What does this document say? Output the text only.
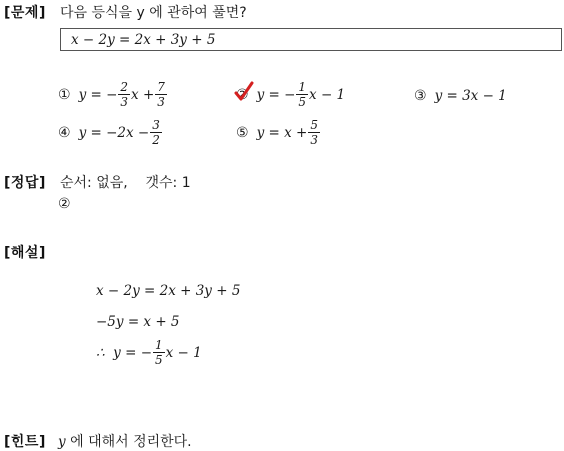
[문제] 다음 등식을 y 에 관하여 풀면?
x − 2y = 2x + 3y + 5
① y = − $\frac{2}{3}$ $x + \frac{7}{3}$	② y = − $\frac{1}{5}$ x − 1	③ y = 3x − 1
④ $y = -2x - \frac{3}{2}$	⑤ $y = x + \frac{5}{3}$
[정답] 순서: 없음,    갯수: 1
②
[해설]
x − 2y = 2x + 3y + 5
−5y = x + 5
∴  y = − $\frac{1}{5}$ x − 1
[힌트] y 에 대해서 정리한다.
